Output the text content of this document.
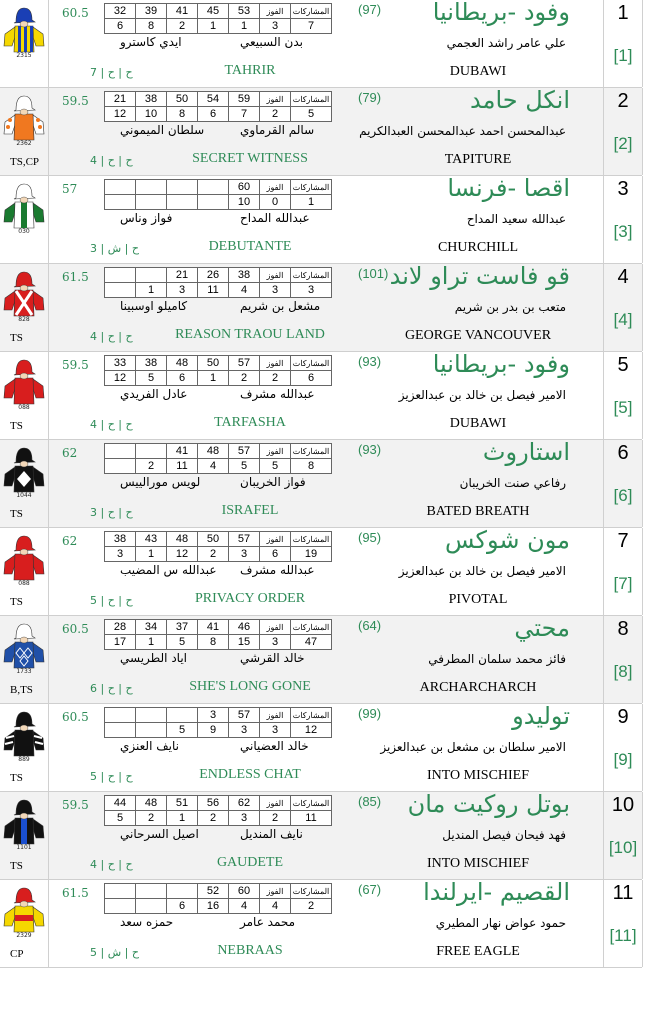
2315
60.5 32	39	41	45	53	الفوز	المشاركات
6	8	2	1	1	3	7
بدن السبيعي
ايدي كاسترو
(97) وفود -بريطانيا
علي عامر راشد العجمي
DUBAWI
TAHRIR
ح | ح | 7
1
[1]
2362
TS,CP
59.5 21	38	50	54	59	الفوز	المشاركات
12	10	8	6	7	2	5
سالم القرماوي
سلطان الميموني
(79)	انكل حامد
عبدالمحسن احمد عبدالمحسن العبدالكريم
TAPITURE
SECRET WITNESS
ح | ح | 4
2
[2]
030
57
					60	الفوز	المشاركات
				10	0	1
عبدالله المداح
فواز وناس
اقصا -فرنسا
عبدالله سعيد المداح
CHURCHILL
DEBUTANTE
ح | ش | 3
3
[3]
828
TS
61.5
			21	26	38	الفوز	المشاركات
	1	3	11	4	3	3
مشعل بن شريم
كاميلو اوسبينا
(101) قو فاست تراو لاند
متعب بن بدر بن شريم
GEORGE VANCOUVER
REASON TRAOU LAND
ح | ح | 4
4
[4]
088
TS
59.5 33	38	48	50	57	الفوز	المشاركات
12	5	6	1	2	2	6
عبدالله مشرف
عادل الفريدي
(93) وفود -بريطانيا
الامير فيصل بن خالد بن عبدالعزيز
DUBAWI
TARFASHA
ح | ح | 4
5
[5]
1044
TS
62
			41	48	57	الفوز	المشاركات
	2	11	4	5	5	8
فواز الخريبان
لويس مورالييس
(93)	استاروث
رفاعي صنت الخريبان
BATED BREATH
ISRAFEL
ح | ح | 3
6
[6]
088
TS
62	38	43	48	50	57	الفوز	المشاركات
3	1	12	2	3	6	19
عبدالله مشرف
عبدالله س المضيب
(95)	مون شوكس
الامير فيصل بن خالد بن عبدالعزيز
PIVOTAL
PRIVACY ORDER
ح | ح | 5
7
[7]
1733
B,TS
60.5 28	34	37	41	46	الفوز	المشاركات
17	1	5	8	15	3	47
خالد القرشي
اياد الطريسي
(64)	محتي
فائز محمد سلمان المطرفي
ARCHARCHARCH
SHE'S LONG GONE
ح | ح | 6
8
[8]
889
TS
60.5
				3	57	الفوز	المشاركات
		5	9	3	3	12
خالد العضياني
نايف العنزي
(99)	توليدو
الامير سلطان بن مشعل بن عبدالعزيز
INTO MISCHIEF
ENDLESS CHAT
ح | ح | 5
9
[9]
1101
TS
59.5 44	48	51	56	62	الفوز	المشاركات
5	2	1	2	3	2	11
نايف المنديل
اصيل السرحاني
(85) بوتل روكيت مان
فهد فيحان فيصل المنديل
INTO MISCHIEF
GAUDETE
ح | ح | 4
10
[10]
2329
CP
61.5
				52	60	الفوز	المشاركات
		6	16	4	4	2
محمد عامر
حمزه سعد
(67) القصيم -ايرلندا
حمود عواض نهار المطيري
FREE EAGLE
NEBRAAS
ح | ش | 5
11
[11]
